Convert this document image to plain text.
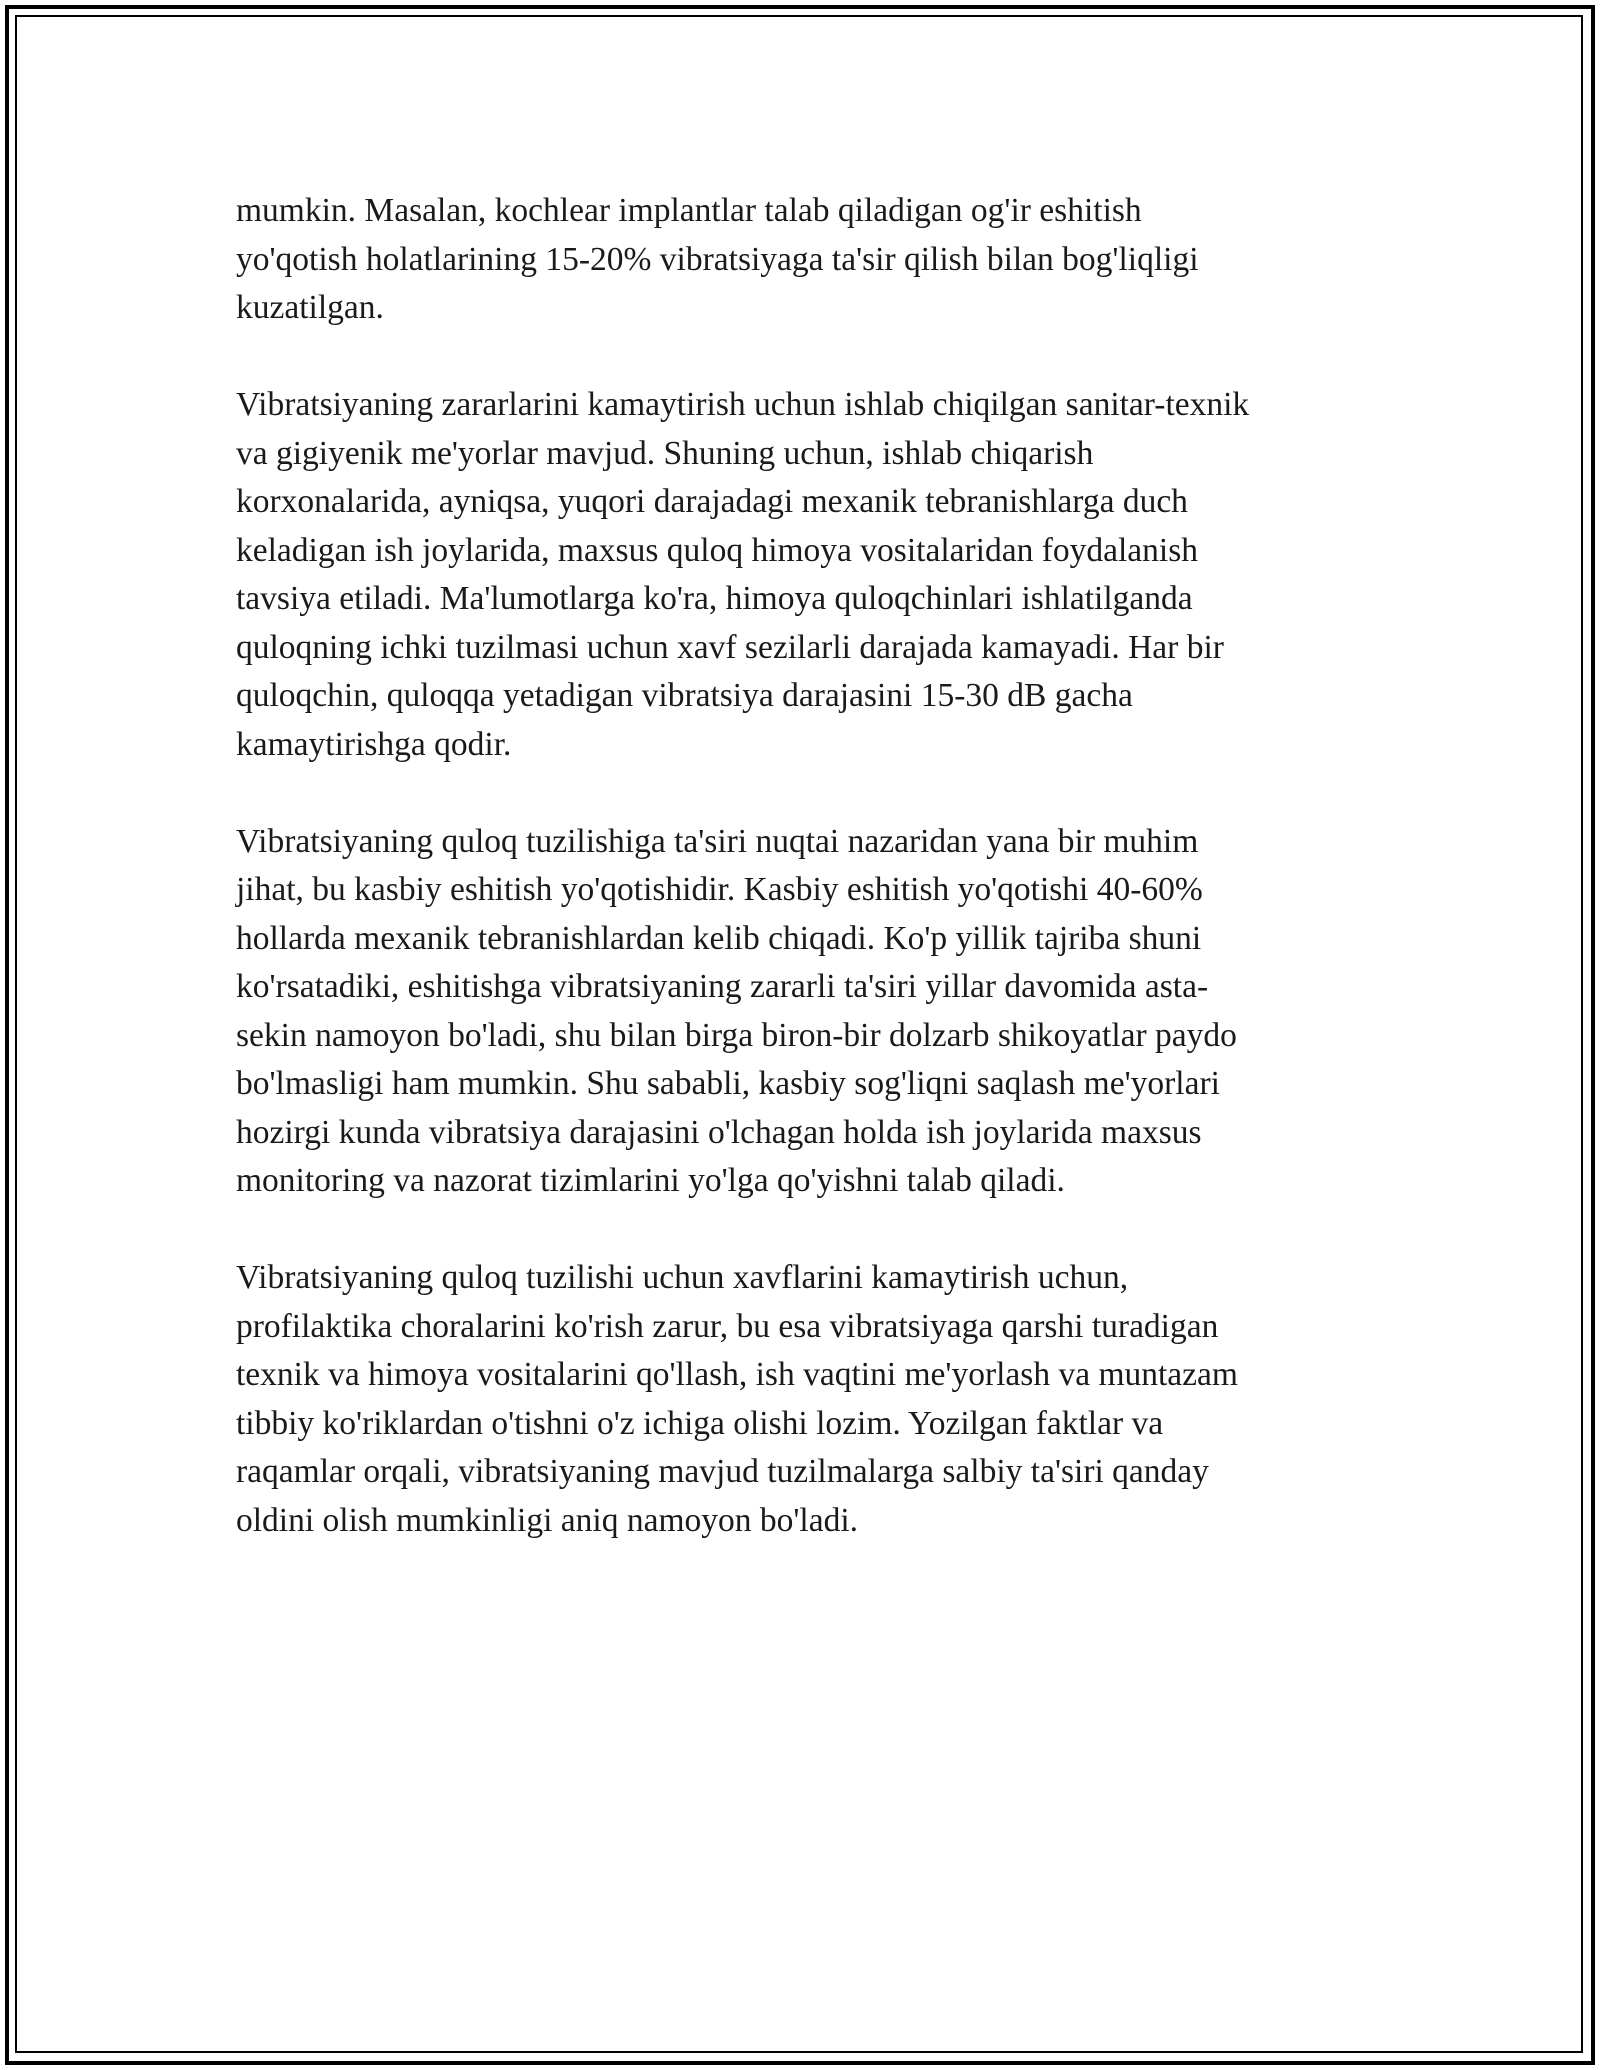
mumkin. Masalan, kochlear implantlar talab qiladigan og'ir eshitish
yo'qotish holatlarining 15-20% vibratsiyaga ta'sir qilish bilan bog'liqligi
kuzatilgan.

Vibratsiyaning zararlarini kamaytirish uchun ishlab chiqilgan sanitar-texnik
va gigiyenik me'yorlar mavjud. Shuning uchun, ishlab chiqarish
korxonalarida, ayniqsa, yuqori darajadagi mexanik tebranishlarga duch
keladigan ish joylarida, maxsus quloq himoya vositalaridan foydalanish
tavsiya etiladi. Ma'lumotlarga ko'ra, himoya quloqchinlari ishlatilganda
quloqning ichki tuzilmasi uchun xavf sezilarli darajada kamayadi. Har bir
quloqchin, quloqqa yetadigan vibratsiya darajasini 15-30 dB gacha
kamaytirishga qodir.

Vibratsiyaning quloq tuzilishiga ta'siri nuqtai nazaridan yana bir muhim
jihat, bu kasbiy eshitish yo'qotishidir. Kasbiy eshitish yo'qotishi 40-60%
hollarda mexanik tebranishlardan kelib chiqadi. Ko'p yillik tajriba shuni
ko'rsatadiki, eshitishga vibratsiyaning zararli ta'siri yillar davomida asta-
sekin namoyon bo'ladi, shu bilan birga biron-bir dolzarb shikoyatlar paydo
bo'lmasligi ham mumkin. Shu sababli, kasbiy sog'liqni saqlash me'yorlari
hozirgi kunda vibratsiya darajasini o'lchagan holda ish joylarida maxsus
monitoring va nazorat tizimlarini yo'lga qo'yishni talab qiladi.

Vibratsiyaning quloq tuzilishi uchun xavflarini kamaytirish uchun,
profilaktika choralarini ko'rish zarur, bu esa vibratsiyaga qarshi turadigan
texnik va himoya vositalarini qo'llash, ish vaqtini me'yorlash va muntazam
tibbiy ko'riklardan o'tishni o'z ichiga olishi lozim. Yozilgan faktlar va
raqamlar orqali, vibratsiyaning mavjud tuzilmalarga salbiy ta'siri qanday
oldini olish mumkinligi aniq namoyon bo'ladi.
